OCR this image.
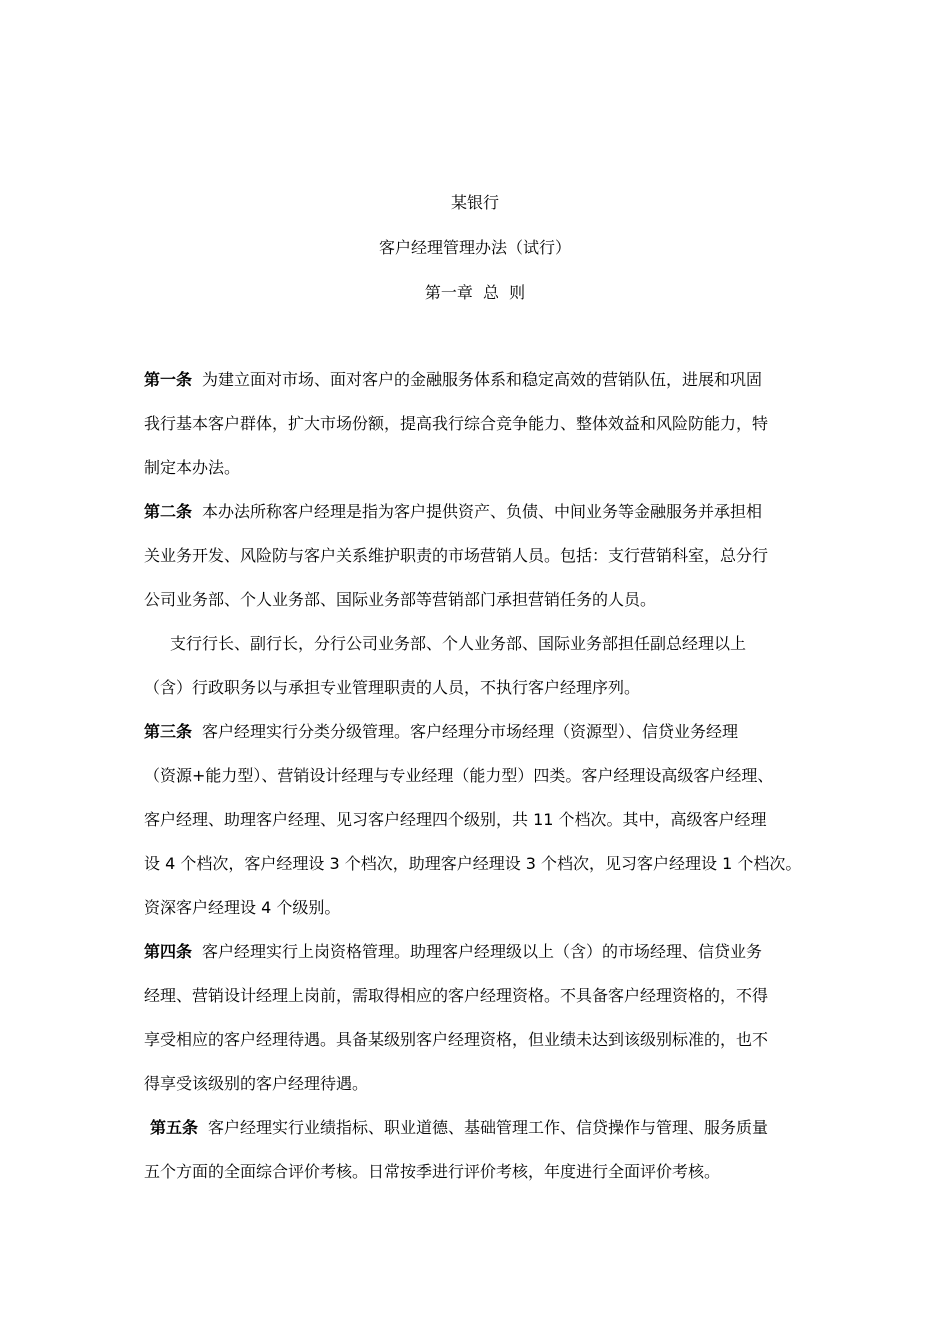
某银行
客户经理管理办法（试行）
第一章  总  则
第一条 为建立面对市场、面对客户的金融服务体系和稳定高效的营销队伍，进展和巩固
我行基本客户群体，扩大市场份额，提高我行综合竞争能力、整体效益和风险防能力，特
制定本办法。
第二条 本办法所称客户经理是指为客户提供资产、负债、中间业务等金融服务并承担相
关业务开发、风险防与客户关系维护职责的市场营销人员。包括：支行营销科室，总分行
公司业务部、个人业务部、国际业务部等营销部门承担营销任务的人员。
支行行长、副行长，分行公司业务部、个人业务部、国际业务部担任副总经理以上
（含）行政职务以与承担专业管理职责的人员，不执行客户经理序列。
第三条 客户经理实行分类分级管理。客户经理分市场经理（资源型）、信贷业务经理
（资源+能力型）、营销设计经理与专业经理（能力型）四类。客户经理设高级客户经理、
客户经理、助理客户经理、见习客户经理四个级别，共 11 个档次。其中，高级客户经理
设 4 个档次，客户经理设 3 个档次，助理客户经理设 3 个档次，见习客户经理设 1 个档次。
资深客户经理设 4 个级别。
第四条 客户经理实行上岗资格管理。助理客户经理级以上（含）的市场经理、信贷业务
经理、营销设计经理上岗前，需取得相应的客户经理资格。不具备客户经理资格的，不得
享受相应的客户经理待遇。具备某级别客户经理资格，但业绩未达到该级别标准的，也不
得享受该级别的客户经理待遇。
第五条 客户经理实行业绩指标、职业道德、基础管理工作、信贷操作与管理、服务质量
五个方面的全面综合评价考核。日常按季进行评价考核，年度进行全面评价考核。
